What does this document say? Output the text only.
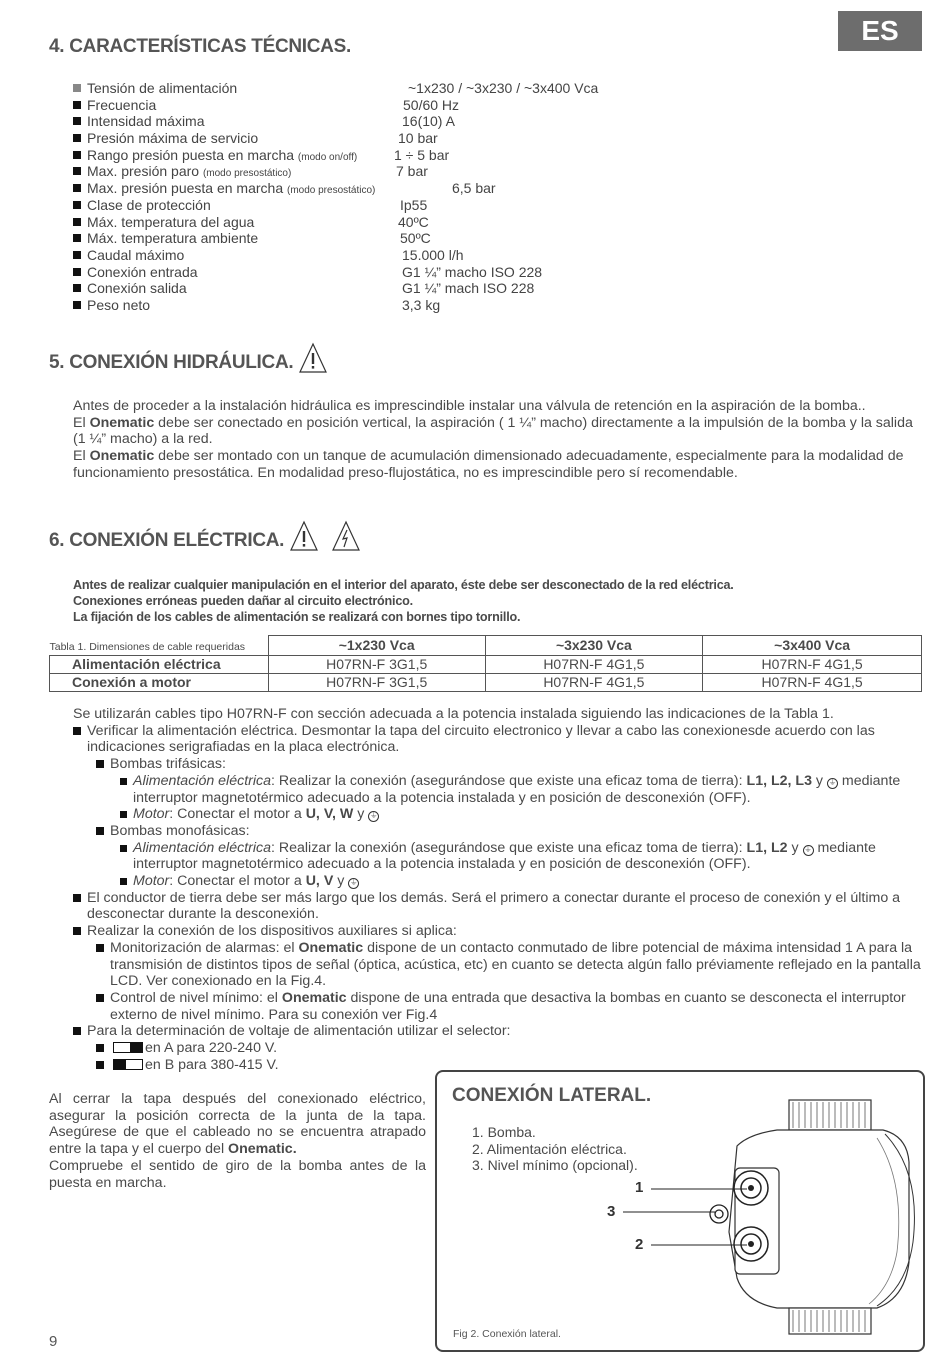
ES
4. CARACTERÍSTICAS TÉCNICAS.
Tensión de alimentación	~1x230 / ~3x230 / ~3x400 Vca
Frecuencia	50/60 Hz
Intensidad máxima	16(10) A
Presión máxima de servicio	10 bar
Rango presión puesta en marcha (modo on/off)	1 ÷ 5 bar
Max. presión paro (modo presostático)	7 bar
Max. presión puesta en marcha (modo presostático)	6,5 bar
Clase de protección	Ip55
Máx. temperatura del agua	40ºC
Máx. temperatura ambiente	50ºC
Caudal máximo	15.000 l/h
Conexión entrada	G1 ¼” macho ISO 228
Conexión salida	G1 ¼” mach ISO 228
Peso neto	3,3 kg
5. CONEXIÓN HIDRÁULICA.
Antes de proceder a la instalación hidráulica es imprescindible instalar una válvula de retención en la aspiración de la bomba..
El Onematic debe ser conectado en posición vertical, la aspiración ( 1 ¼” macho) directamente a la impulsión de la bomba y la salida (1 ¼” macho) a la red.
El Onematic debe ser montado con un tanque de acumulación dimensionado adecuadamente, especialmente para la modalidad de funcionamiento presostática. En modalidad preso-flujostática, no es imprescindible pero sí recomendable.
6. CONEXIÓN ELÉCTRICA.
Antes de realizar cualquier manipulación en el interior del aparato, éste debe ser desconectado de la red eléctrica.
Conexiones erróneas pueden dañar al circuito electrónico.
La fijación de los cables de alimentación se realizará con bornes tipo tornillo.
Tabla 1. Dimensiones de cable requeridas	~1x230 Vca	~3x230 Vca	~3x400 Vca
Alimentación eléctrica	H07RN-F 3G1,5	H07RN-F 4G1,5	H07RN-F 4G1,5
Conexión a motor	H07RN-F 3G1,5	H07RN-F 4G1,5	H07RN-F 4G1,5
Se utilizarán cables tipo H07RN-F con sección adecuada a la potencia instalada siguiendo las indicaciones de la Tabla 1.
Verificar la alimentación eléctrica. Desmontar la tapa del circuito electronico y llevar a cabo las conexionesde acuerdo con las indicaciones serigrafiadas en la placa electrónica.
Bombas trifásicas:
Alimentación eléctrica: Realizar la conexión (asegurándose que existe una eficaz toma de tierra): L1, L2, L3 y ⏚ mediante interruptor magnetotérmico adecuado a la potencia instalada y en posición de desconexión (OFF).
Motor: Conectar el motor a U, V, W y ⏚
Bombas monofásicas:
Alimentación eléctrica: Realizar la conexión (asegurándose que existe una eficaz toma de tierra): L1, L2 y ⏚ mediante interruptor magnetotérmico adecuado a la potencia instalada y en posición de desconexión (OFF).
Motor: Conectar el motor a U, V y ⏚
El conductor de tierra debe ser más largo que los demás. Será el primero a conectar durante el proceso de conexión y el último a desconectar durante la desconexión.
Realizar la conexión de los dispositivos auxiliares si aplica:
Monitorización de alarmas: el Onematic dispone de un contacto conmutado de libre potencial de máxima intensidad 1 A para la transmisión de distintos tipos de señal (óptica, acústica, etc) en cuanto se detecta algún fallo préviamente reflejado en la pantalla LCD. Ver conexionado en la Fig.4.
Control de nivel mínimo: el Onematic dispone de una entrada que desactiva la bombas en cuanto se desconecta el interruptor externo de nivel mínimo. Para su conexión ver Fig.4
Para la determinación de voltaje de alimentación utilizar el selector:
en A para 220-240 V.
en B para 380-415 V.
Al cerrar la tapa después del conexionado eléctrico, asegurar la posición correcta de la junta de la tapa. Asegúrese de que el cableado no se encuentra atrapado entre la tapa y el cuerpo del Onematic.
Compruebe el sentido de giro de la bomba antes de la puesta en marcha.
CONEXIÓN LATERAL.
1. Bomba.
2. Alimentación eléctrica.
3. Nivel mínimo (opcional).
1
3
2
Fig 2. Conexión lateral.
9
